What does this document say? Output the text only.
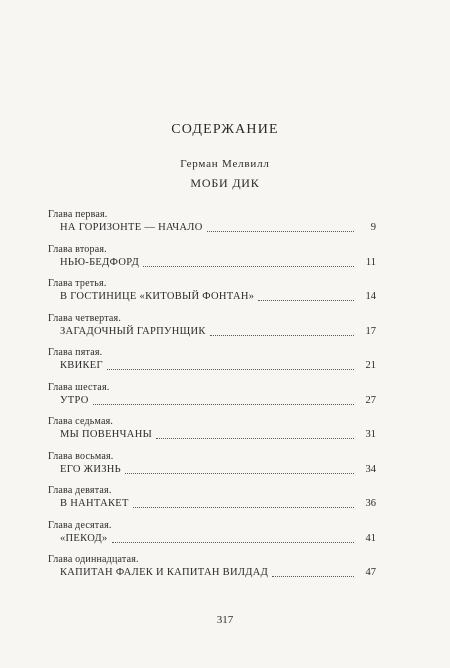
СОДЕРЖАНИЕ
Герман Мелвилл
МОБИ ДИК
Глава первая.
НА ГОРИЗОНТЕ — НАЧАЛО	9
Глава вторая.
НЬЮ-БЕДФОРД	11
Глава третья.
В ГОСТИНИЦЕ «КИТОВЫЙ ФОНТАН»	14
Глава четвертая.
ЗАГАДОЧНЫЙ ГАРПУНЩИК	17
Глава пятая.
КВИКЕГ	21
Глава шестая.
УТРО	27
Глава седьмая.
МЫ ПОВЕНЧАНЫ	31
Глава восьмая.
ЕГО ЖИЗНЬ	34
Глава девятая.
В НАНТАКЕТ	36
Глава десятая.
«ПЕКОД»	41
Глава одиннадцатая.
КАПИТАН ФАЛЕК И КАПИТАН ВИЛДАД	47
317
